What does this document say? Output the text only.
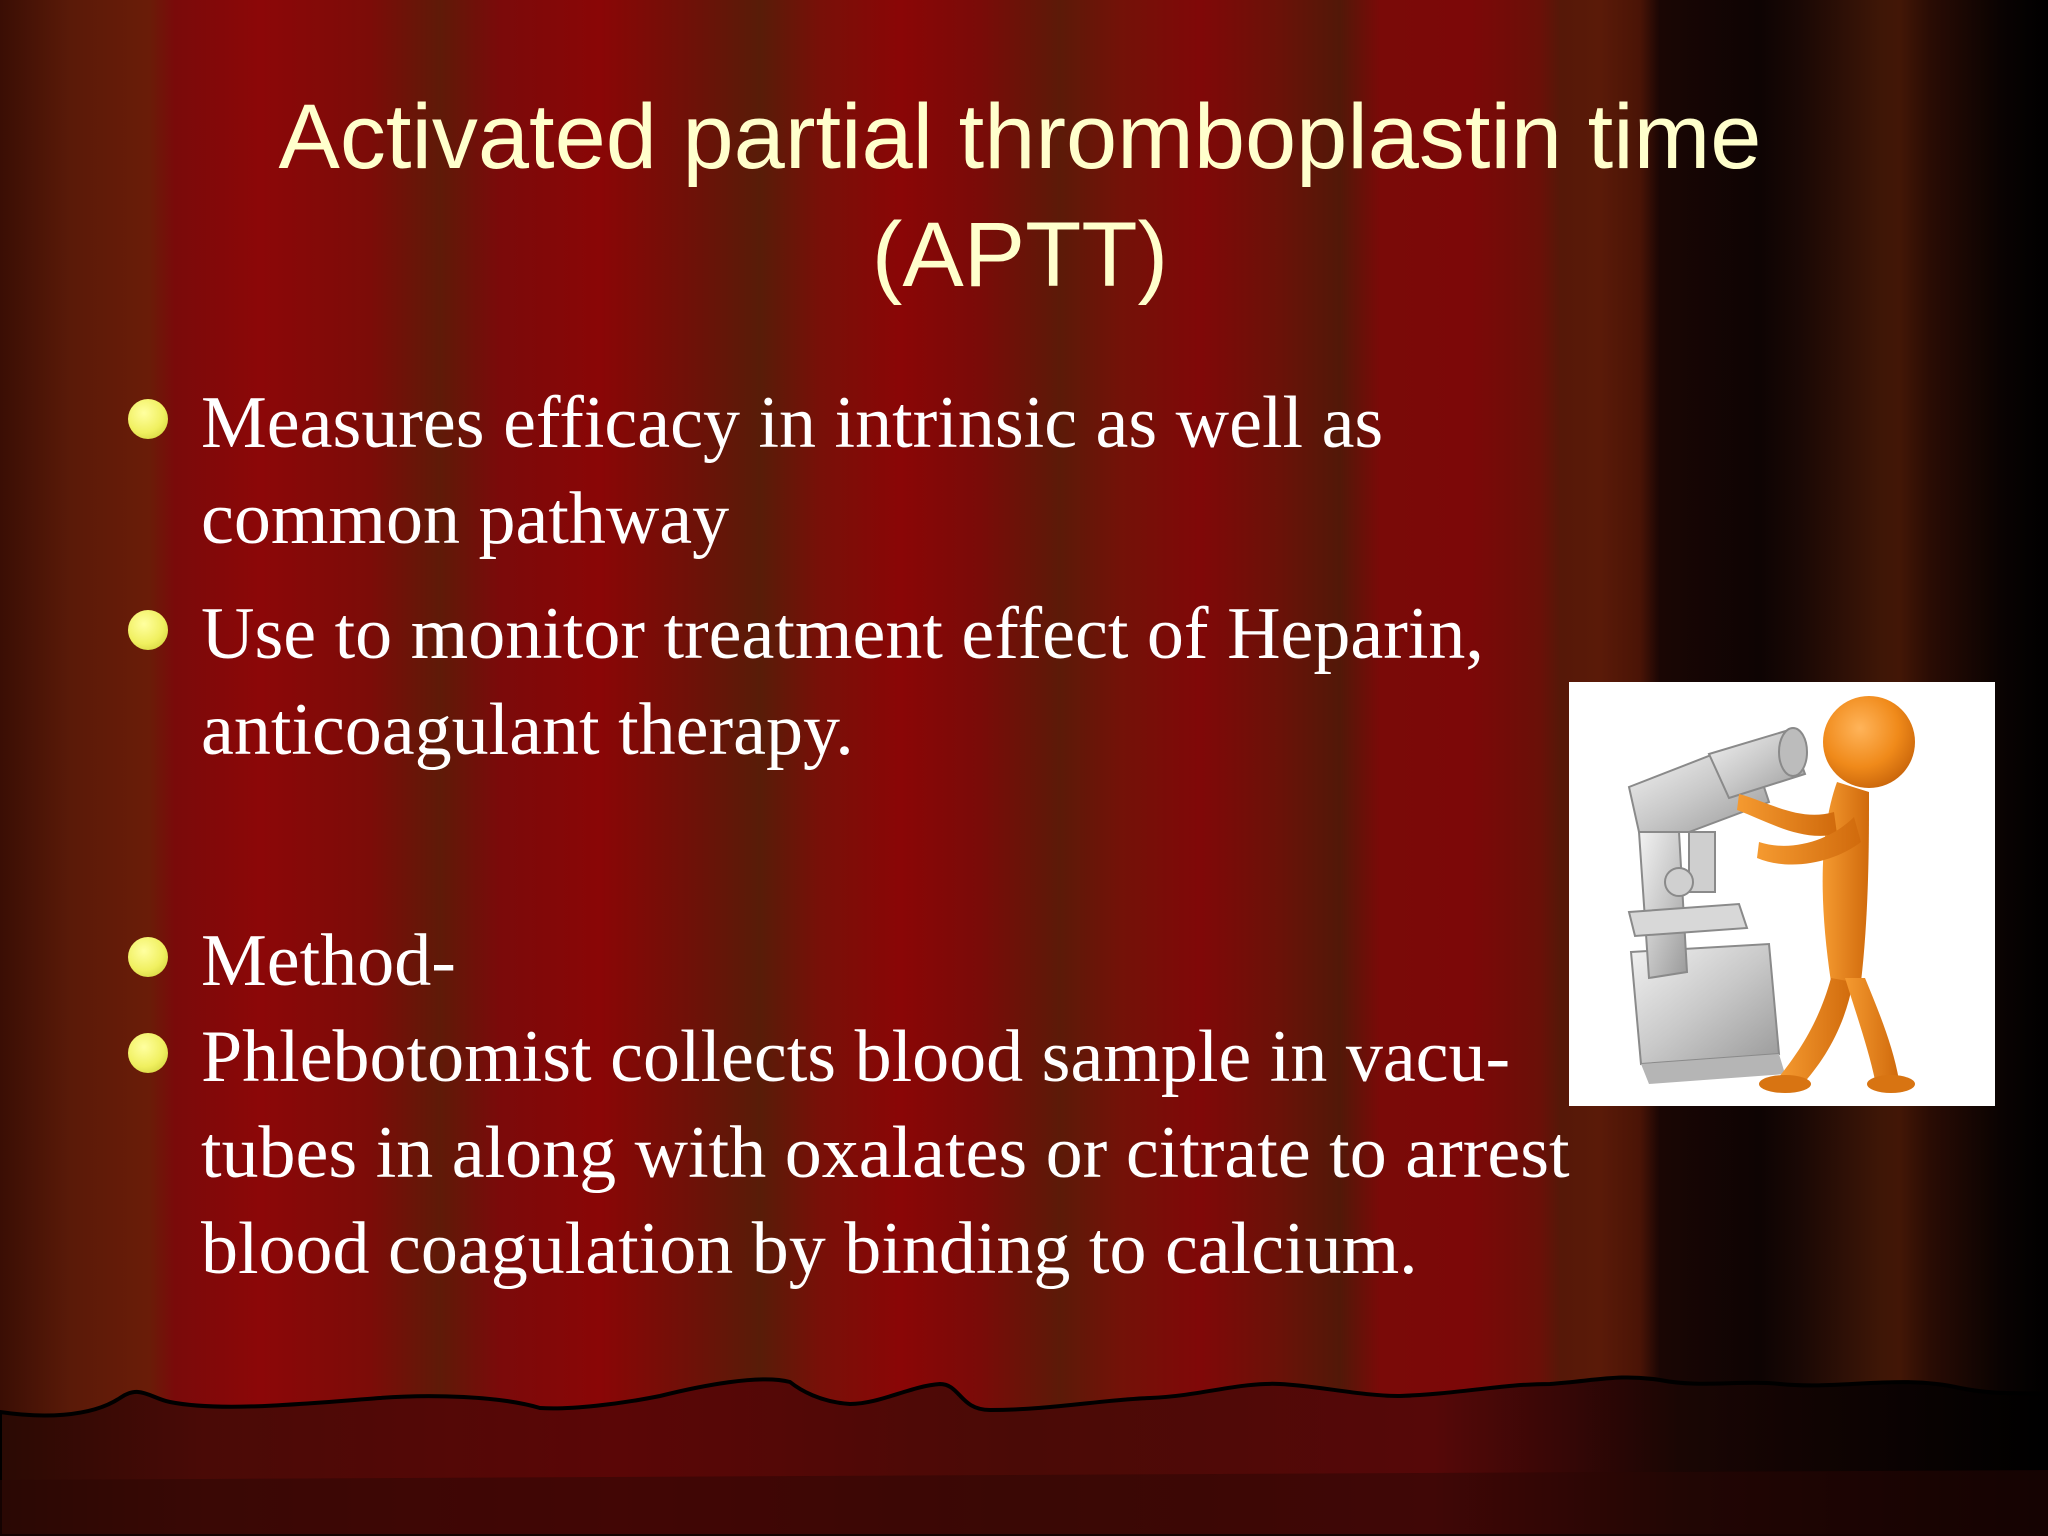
Activated partial thromboplastin time (APTT)
Measures efficacy in intrinsic as well as common pathway
Use to monitor treatment effect of Heparin, anticoagulant therapy.
Method-
Phlebotomist collects blood sample in vacu-tubes in along with oxalates or citrate to arrest blood coagulation by binding to calcium.
